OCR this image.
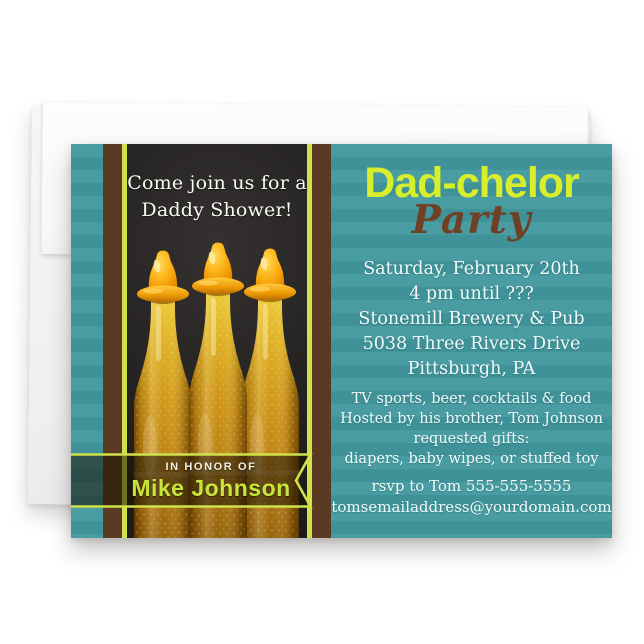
Come join us for a
Daddy Shower!
IN HONOR OF
Mike Johnson
Dad-chelor
Party
Saturday, February 20th
4 pm until ???
Stonemill Brewery & Pub
5038 Three Rivers Drive
Pittsburgh, PA
TV sports, beer, cocktails & food
Hosted by his brother, Tom Johnson
requested gifts:
diapers, baby wipes, or stuffed toy
rsvp to Tom 555-555-5555
tomsemailaddress@yourdomain.com
